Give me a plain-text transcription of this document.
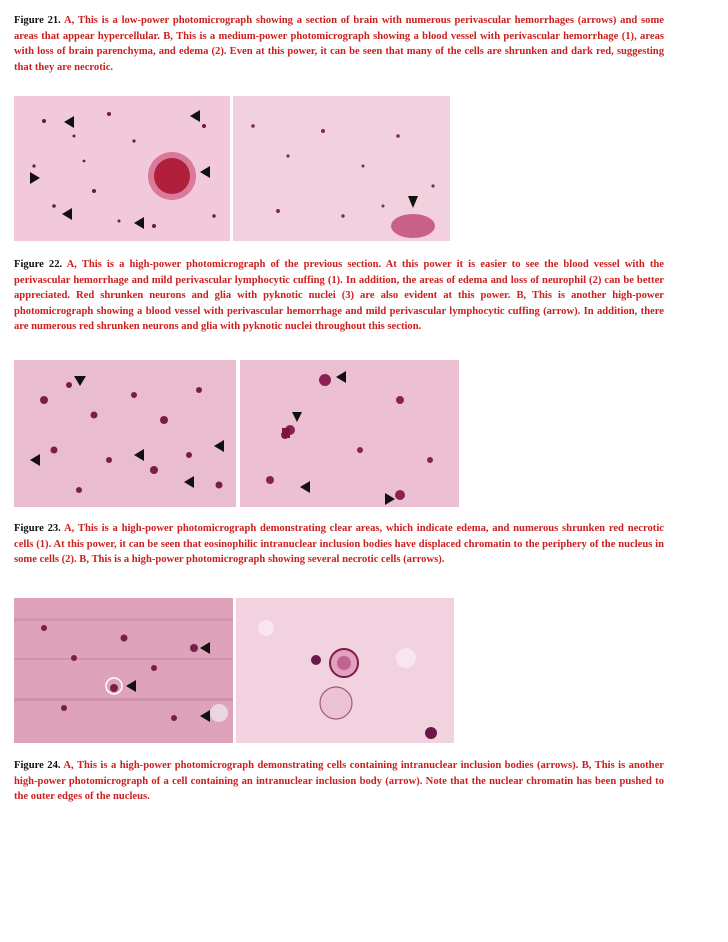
Figure 21. A, This is a low-power photomicrograph showing a section of brain with numerous perivascular hemorrhages (arrows) and some areas that appear hypercellular. B, This is a medium-power photomicrograph showing a blood vessel with perivascular hemorrhage (1), areas with loss of brain parenchyma, and edema (2). Even at this power, it can be seen that many of the cells are shrunken and dark red, suggesting that they are necrotic.
Figure 22. A, This is a high-power photomicrograph of the previous section. At this power it is easier to see the blood vessel with the perivascular hemorrhage and mild perivascular lymphocytic cuffing (1). In addition, the areas of edema and loss of neurophil (2) can be better appreciated. Red shrunken neurons and glia with pyknotic nuclei (3) are also evident at this power. B, This is another high-power photomicrograph showing a blood vessel with perivascular hemorrhage and mild perivascular lymphocytic cuffing (arrow). In addition, there are numerous red shrunken neurons and glia with pyknotic nuclei throughout this section.
Figure 23. A, This is a high-power photomicrograph demonstrating clear areas, which indicate edema, and numerous shrunken red necrotic cells (1). At this power, it can be seen that eosinophilic intranuclear inclusion bodies have displaced chromatin to the periphery of the nucleus in some cells (2). B, This is a high-power photomicrograph showing several necrotic cells (arrows).
Figure 24. A, This is a high-power photomicrograph demonstrating cells containing intranuclear inclusion bodies (arrows). B, This is another high-power photomicrograph of a cell containing an intranuclear inclusion body (arrow). Note that the nuclear chromatin has been pushed to the outer edges of the nucleus.
